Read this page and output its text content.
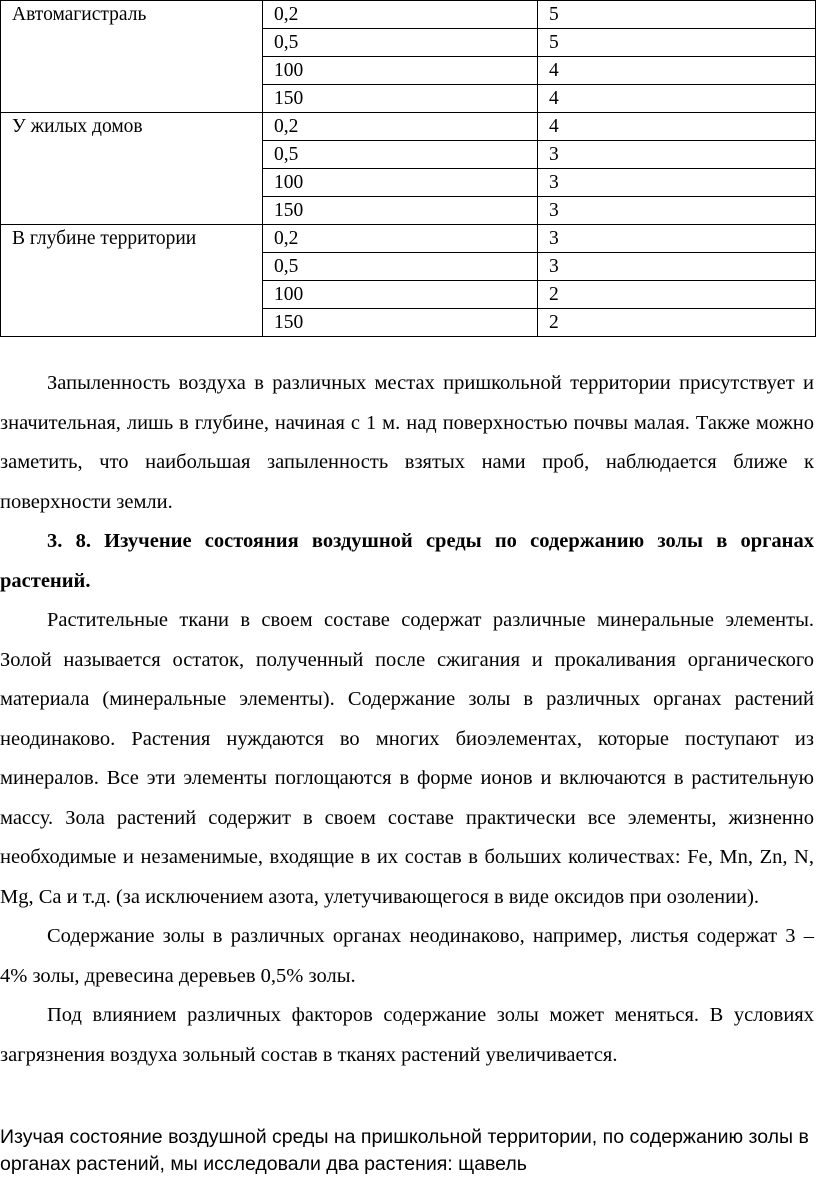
Автомагистраль	0,2	5
	0,5	5
	100	4
	150	4
У жилых домов	0,2	4
	0,5	3
	100	3
	150	3
В глубине территории	0,2	3
	0,5	3
	100	2
	150	2

Запыленность воздуха в различных местах пришкольной территории присутствует и значительная, лишь в глубине, начиная с 1 м. над поверхностью почвы малая. Также можно заметить, что наибольшая запыленность взятых нами проб, наблюдается ближе к поверхности земли.

3. 8. Изучение состояния воздушной среды по содержанию золы в органах растений.

Растительные ткани в своем составе содержат различные минеральные элементы. Золой называется остаток, полученный после сжигания и прокаливания органического материала (минеральные элементы). Содержание золы в различных органах растений неодинаково. Растения нуждаются во многих биоэлементах, которые поступают из минералов. Все эти элементы поглощаются в форме ионов и включаются в растительную массу. Зола растений содержит в своем составе практически все элементы, жизненно необходимые и незаменимые, входящие в их состав в больших количествах: Fe, Mn, Zn, N, Mg, Ca и т.д. (за исключением азота, улетучивающегося в виде оксидов при озолении).

Содержание золы в различных органах неодинаково, например, листья содержат 3 – 4% золы, древесина деревьев 0,5% золы.

Под влиянием различных факторов содержание золы может меняться. В условиях загрязнения воздуха зольный состав в тканях растений увеличивается.

Изучая состояние воздушной среды на пришкольной территории, по содержанию золы в органах растений, мы исследовали два растения: щавель
